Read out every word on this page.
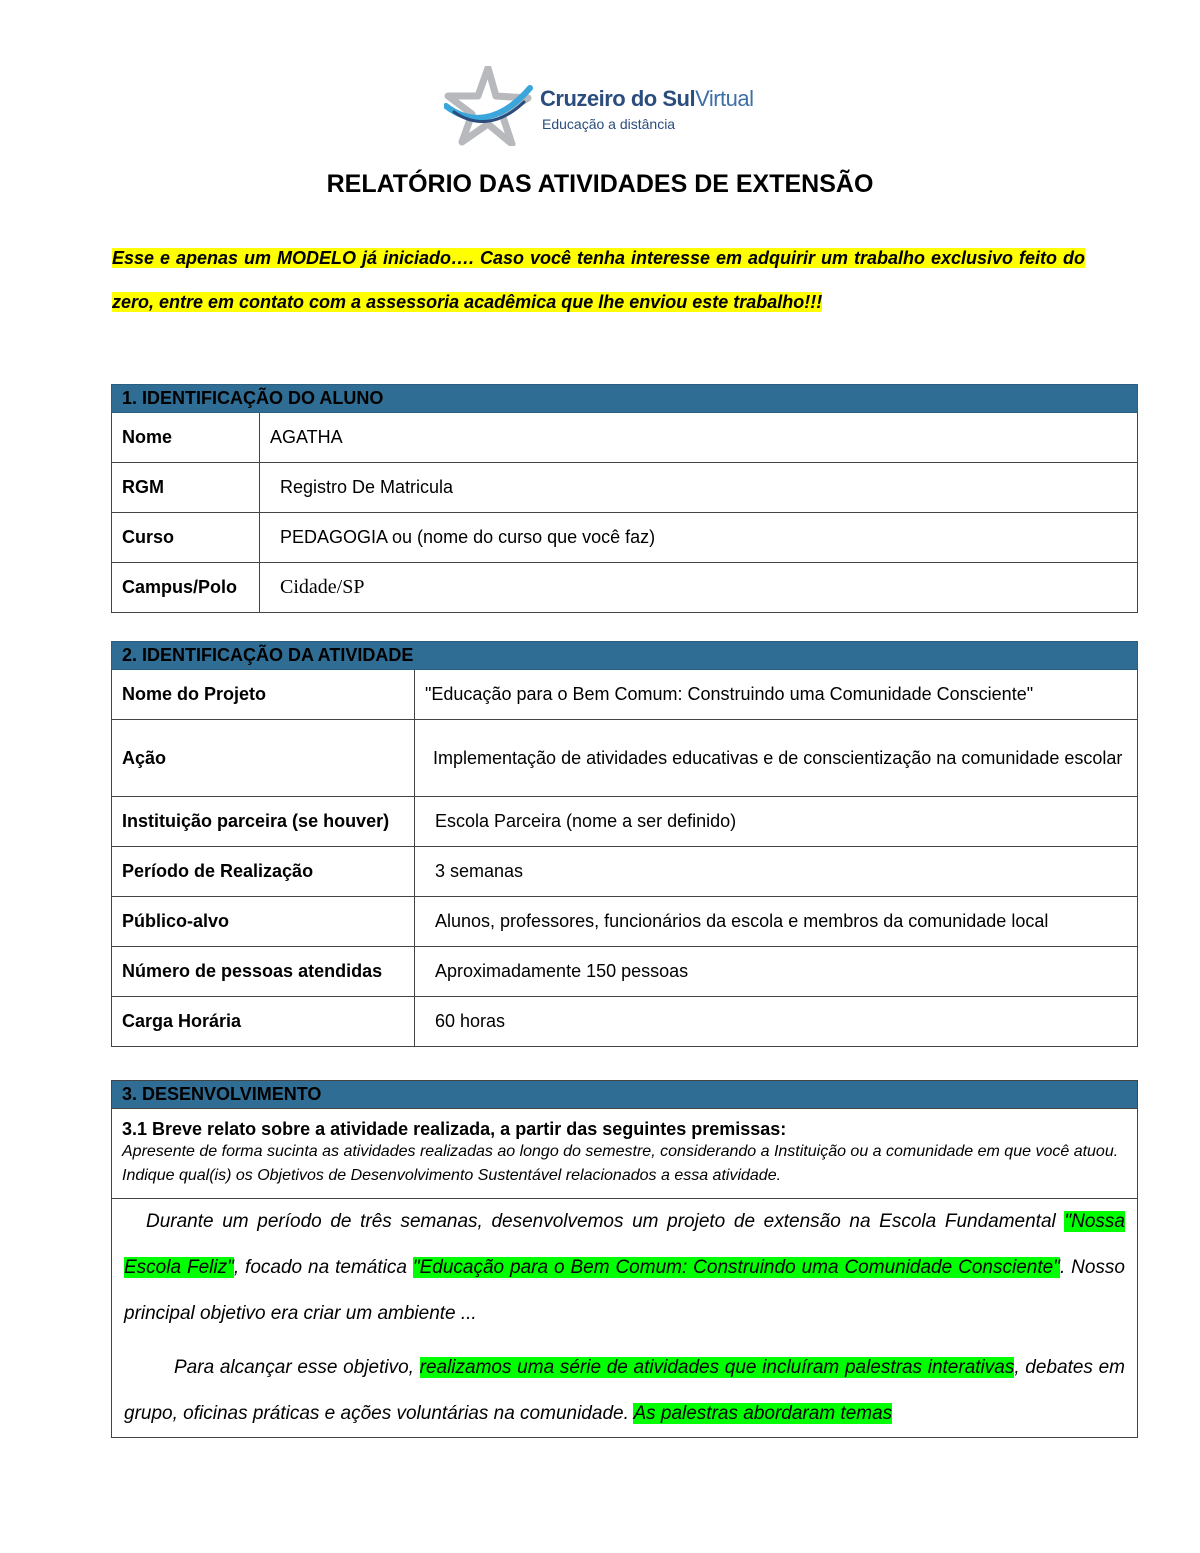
Cruzeiro do SulVirtual
Educação a distância
RELATÓRIO DAS ATIVIDADES DE EXTENSÃO
Esse e apenas um MODELO já iniciado…. Caso você tenha interesse em adquirir um trabalho exclusivo feito do zero, entre em contato com a assessoria acadêmica que lhe enviou este trabalho!!!
1. IDENTIFICAÇÃO DO ALUNO	
Nome	AGATHA
RGM	Registro De Matricula
Curso	PEDAGOGIA ou (nome do curso que você faz)
Campus/Polo	Cidade/SP
2. IDENTIFICAÇÃO DA ATIVIDADE	
Nome do Projeto	"Educação para o Bem Comum: Construindo uma Comunidade Consciente"
Ação	Implementação de atividades educativas e de conscientização na comunidade escolar
Instituição parceira (se houver)	Escola Parceira (nome a ser definido)
Período de Realização	3 semanas
Público-alvo	Alunos, professores, funcionários da escola e membros da comunidade local
Número de pessoas atendidas	Aproximadamente 150 pessoas
Carga Horária	60 horas
3. DESENVOLVIMENTO
3.1 Breve relato sobre a atividade realizada, a partir das seguintes premissas:
Apresente de forma sucinta as atividades realizadas ao longo do semestre, considerando a Instituição ou a comunidade em que você atuou. Indique qual(is) os Objetivos de Desenvolvimento Sustentável relacionados a essa atividade.
Durante um período de três semanas, desenvolvemos um projeto de extensão na Escola Fundamental "Nossa Escola Feliz", focado na temática "Educação para o Bem Comum: Construindo uma Comunidade Consciente". Nosso principal objetivo era criar um ambiente ...
Para alcançar esse objetivo, realizamos uma série de atividades que incluíram palestras interativas, debates em grupo, oficinas práticas e ações voluntárias na comunidade. As palestras abordaram temas
